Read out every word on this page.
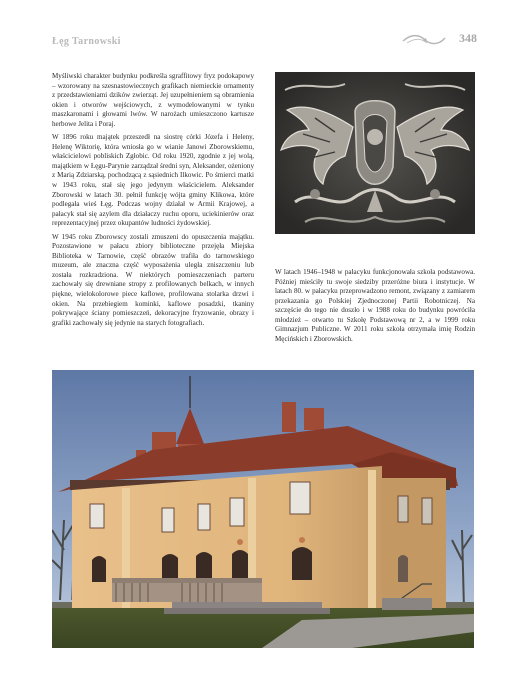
Łęg Tarnowski	348

Myśliwski charakter budynku podkreśla sgraffitowy fryz podokapowy – wzorowany na szesnastowiecznych grafikach niemieckie ornamenty z przedstawieniami dzików zwierząt. Jej uzupełnieniem są obramienia okien i otworów wejściowych, z wymodelowanymi w tynku maszkaronami i głowami lwów. W narożach umieszczono kartusze herbowe Jelita i Poraj.

W 1896 roku majątek przeszedł na siostrę córki Józefa i Heleny, Helenę Wiktorię, która wniosła go w wianie Janowi Zborowskiemu, właścicielowi pobliskich Zgłobic. Od roku 1920, zgodnie z jej wolą, majątkiem w Łęgu-Parynie zarządzał średni syn, Aleksander, ożeniony z Marią Zdziarską, pochodzącą z sąsiednich Ilkowic. Po śmierci matki w 1943 roku, stał się jego jedynym właścicielem. Aleksander Zborowski w latach 30. pełnił funkcję wójta gminy Klikowa, które podlegała wieś Łęg. Podczas wojny działał w Armii Krajowej, a pałacyk stał się azylem dla działaczy ruchu oporu, uciekinierów oraz reprezentacyjnej przez okupantów ludności żydowskiej.

W 1945 roku Zborowscy zostali zmuszeni do opuszczenia majątku. Pozostawione w pałacu zbiory biblioteczne przejęła Miejska Biblioteka w Tarnowie, część obrazów trafiła do tarnowskiego muzeum, ale znaczna część wyposażenia uległa zniszczeniu lub została rozkradziona. W niektórych pomieszczeniach parteru zachowały się drewniane stropy z profilowanych belkach, w innych piękne, wielokolorowe piece kaflowe, profilowana stolarka drzwi i okien. Na przebiegiem kominki, kaflowe posadzki, tkaniny pokrywające ściany pomieszczeń, dekoracyjne fryzowanie, obrazy i grafiki zachowały się jedynie na starych fotografiach.

W latach 1946–1948 w pałacyku funkcjonowała szkoła podstawowa. Później mieściły tu swoje siedziby przeróżne biura i instytucje. W latach 80. w pałacyku przeprowadzono remont, związany z zamiarem przekazania go Polskiej Zjednoczonej Partii Robotniczej. Na szczęście do tego nie doszło i w 1988 roku do budynku powróciła młodzież – otwarto tu Szkołę Podstawową nr 2, a w 1999 roku Gimnazjum Publiczne. W 2011 roku szkoła otrzymała imię Rodzin Męcińskich i Zborowskich.
